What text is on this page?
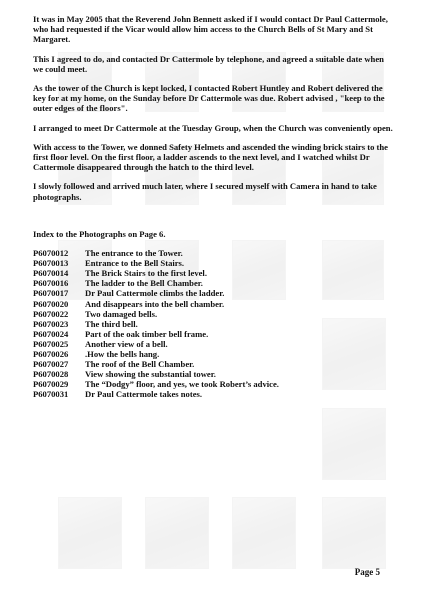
It was in May 2005 that the Reverend John Bennett asked if I would contact Dr Paul Cattermole, who had requested if the Vicar would allow him access to the Church Bells of St Mary and St Margaret.

This I agreed to do, and contacted Dr Cattermole by telephone, and agreed a suitable date when we could meet.

As the tower of the Church is kept locked, I contacted Robert Huntley and Robert delivered the key for at my home, on the Sunday before Dr Cattermole was due. Robert advised , "keep to the outer edges of the floors".

I arranged to meet Dr Cattermole at the Tuesday Group, when the Church was conveniently open.

With access to the Tower, we donned Safety Helmets and ascended the winding brick stairs to the first floor level. On the first floor, a ladder ascends to the next level, and I watched whilst Dr Cattermole disappeared through the hatch to the third level.

I slowly followed and arrived much later, where I secured myself with Camera in hand to take photographs.

Index to the Photographs on Page 6.

P6070012	The entrance to the Tower.
P6070013	Entrance to the Bell Stairs.
P6070014	The Brick Stairs to the first level.
P6070016	The ladder to the Bell Chamber.
P6070017	Dr Paul Cattermole climbs the ladder.
P6070020	And disappears into the bell chamber.
P6070022	Two damaged bells.
P6070023	The third bell.
P6070024	Part of the oak timber bell frame.
P6070025	Another view of a bell.
P6070026	.How the bells hang.
P6070027	The roof of the Bell Chamber.
P6070028	View showing the substantial tower.
P6070029	The “Dodgy” floor, and yes, we took Robert’s advice.
P6070031	Dr Paul Cattermole takes notes.
Page 5
